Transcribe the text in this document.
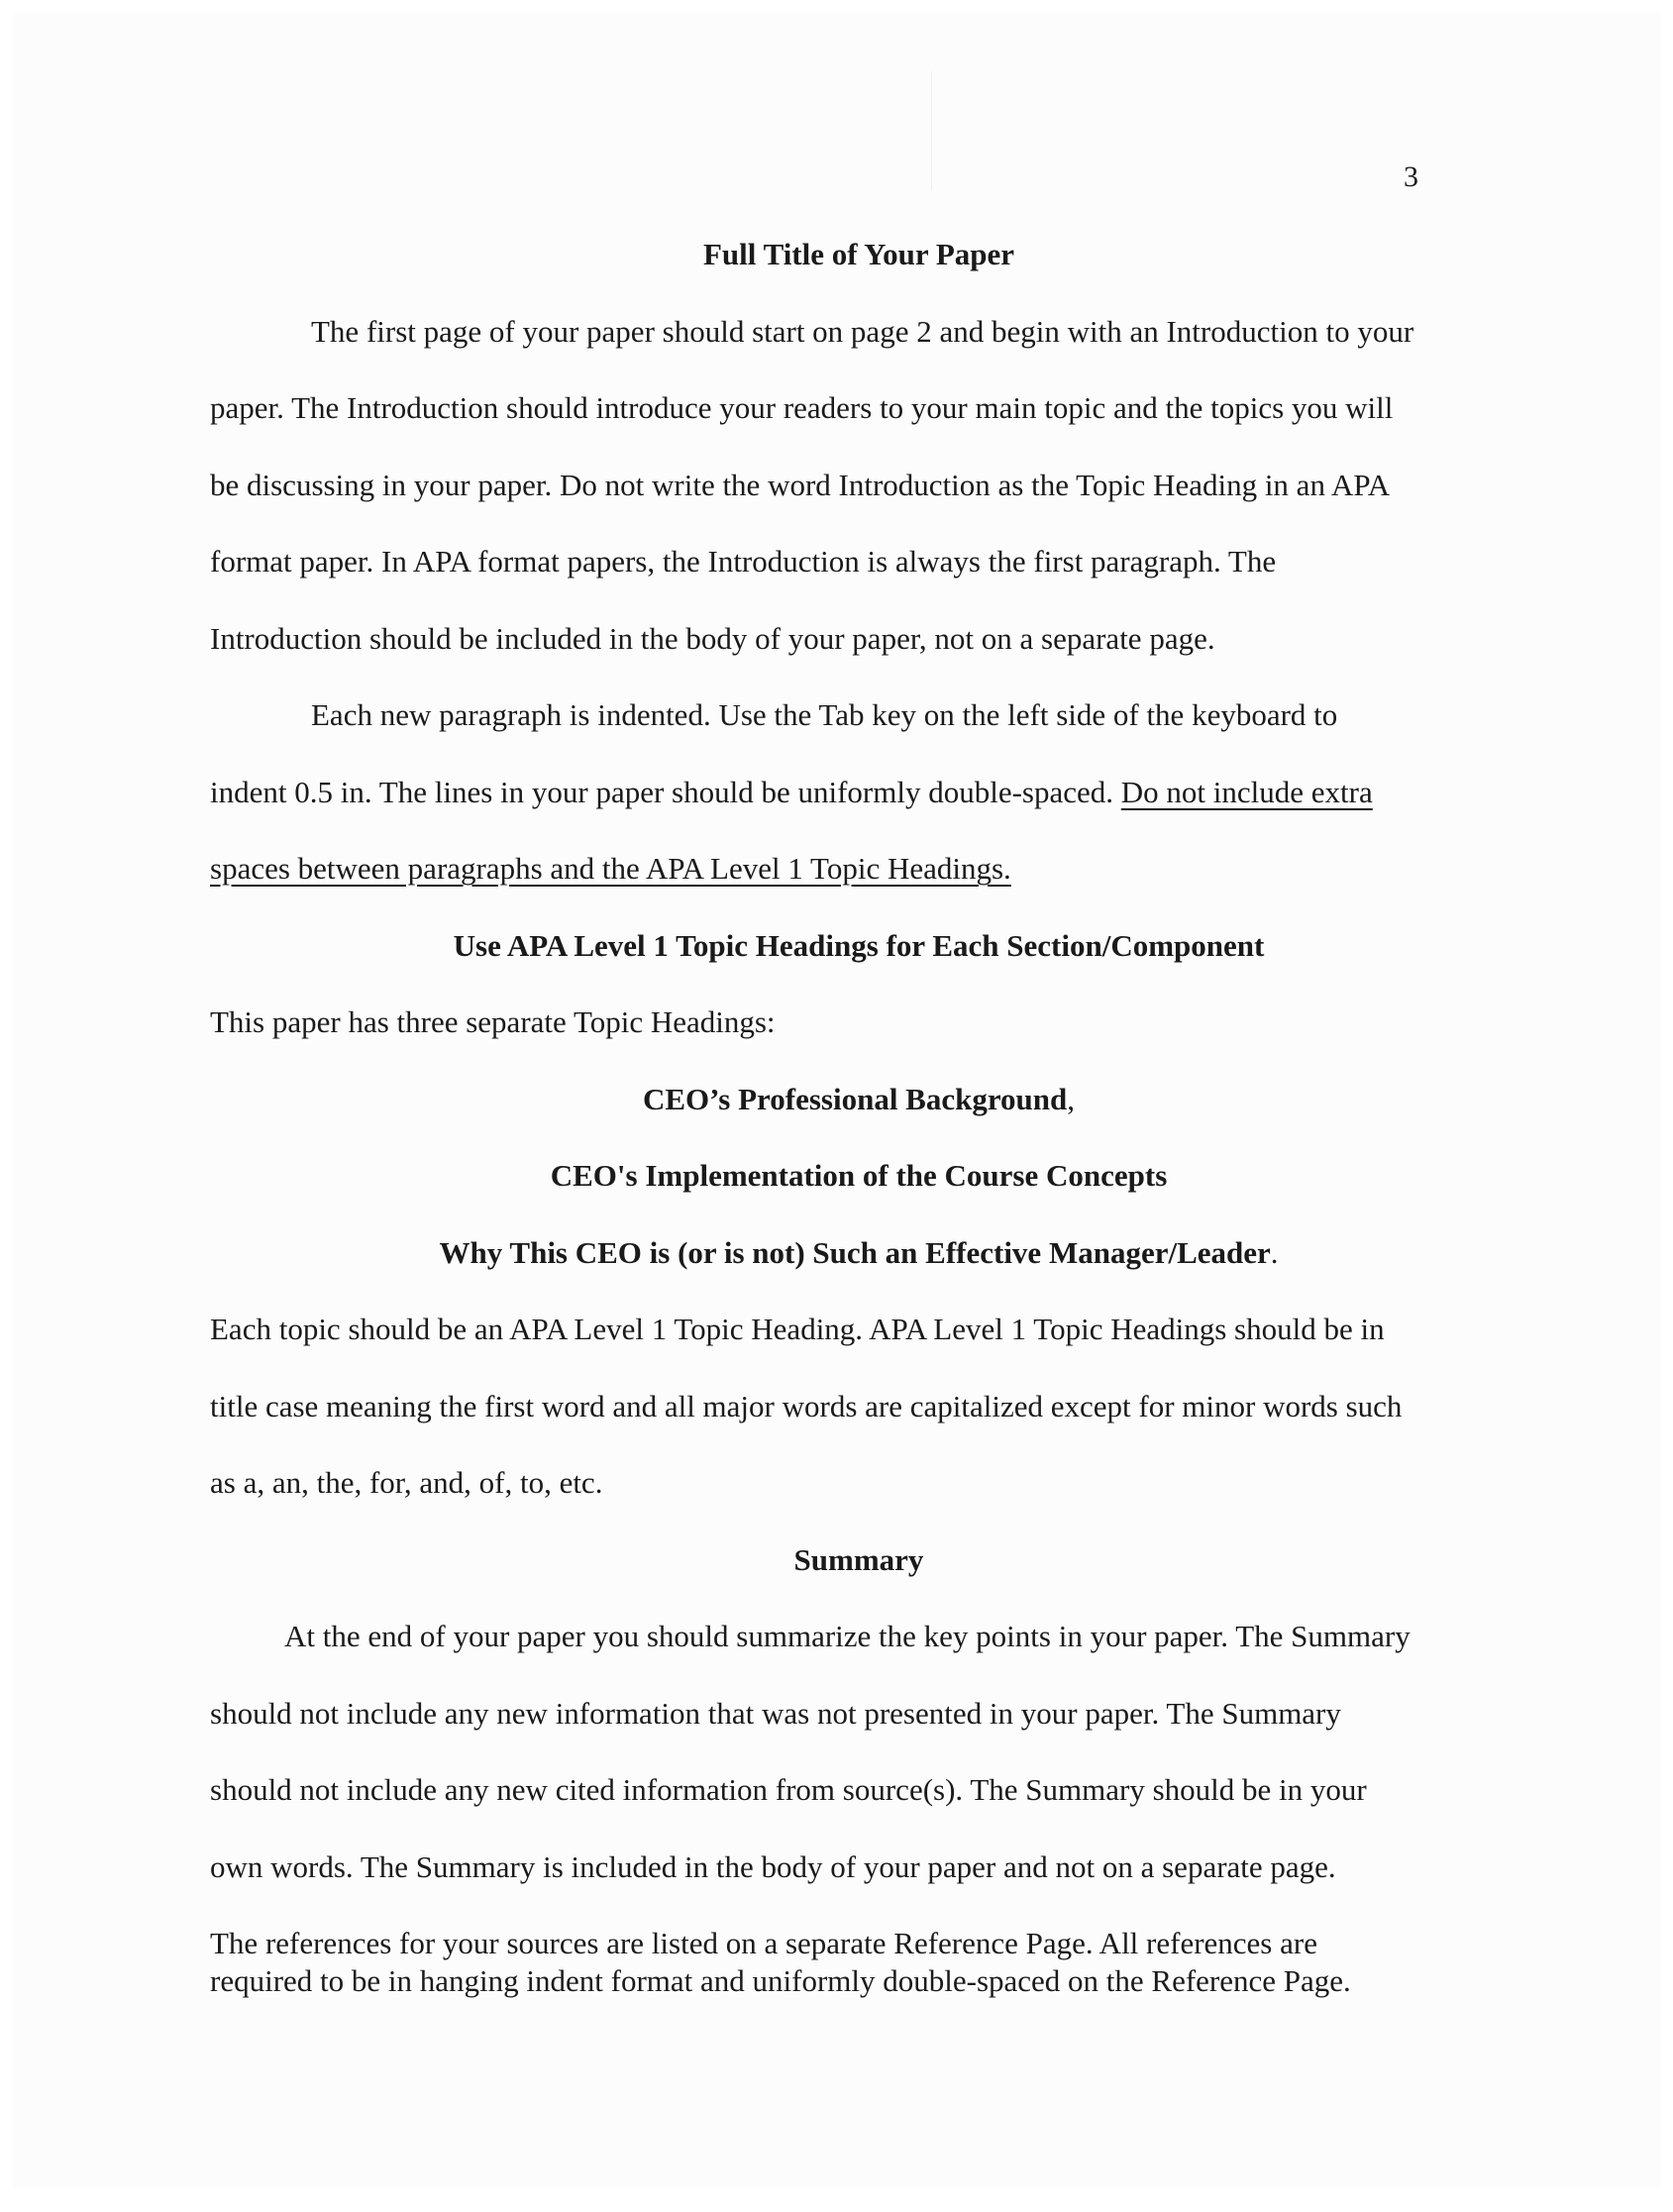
3
Full Title of Your Paper
The first page of your paper should start on page 2 and begin with an Introduction to your
paper. The Introduction should introduce your readers to your main topic and the topics you will
be discussing in your paper. Do not write the word Introduction as the Topic Heading in an APA
format paper. In APA format papers, the Introduction is always the first paragraph. The
Introduction should be included in the body of your paper, not on a separate page.
Each new paragraph is indented. Use the Tab key on the left side of the keyboard to
indent 0.5 in. The lines in your paper should be uniformly double-spaced. Do not include extra
spaces between paragraphs and the APA Level 1 Topic Headings.
Use APA Level 1 Topic Headings for Each Section/Component
This paper has three separate Topic Headings:
CEO’s Professional Background,
CEO's Implementation of the Course Concepts
Why This CEO is (or is not) Such an Effective Manager/Leader.
Each topic should be an APA Level 1 Topic Heading. APA Level 1 Topic Headings should be in
title case meaning the first word and all major words are capitalized except for minor words such
as a, an, the, for, and, of, to, etc.
Summary
At the end of your paper you should summarize the key points in your paper. The Summary
should not include any new information that was not presented in your paper. The Summary
should not include any new cited information from source(s). The Summary should be in your
own words. The Summary is included in the body of your paper and not on a separate page.
The references for your sources are listed on a separate Reference Page. All references are
required to be in hanging indent format and uniformly double-spaced on the Reference Page.
